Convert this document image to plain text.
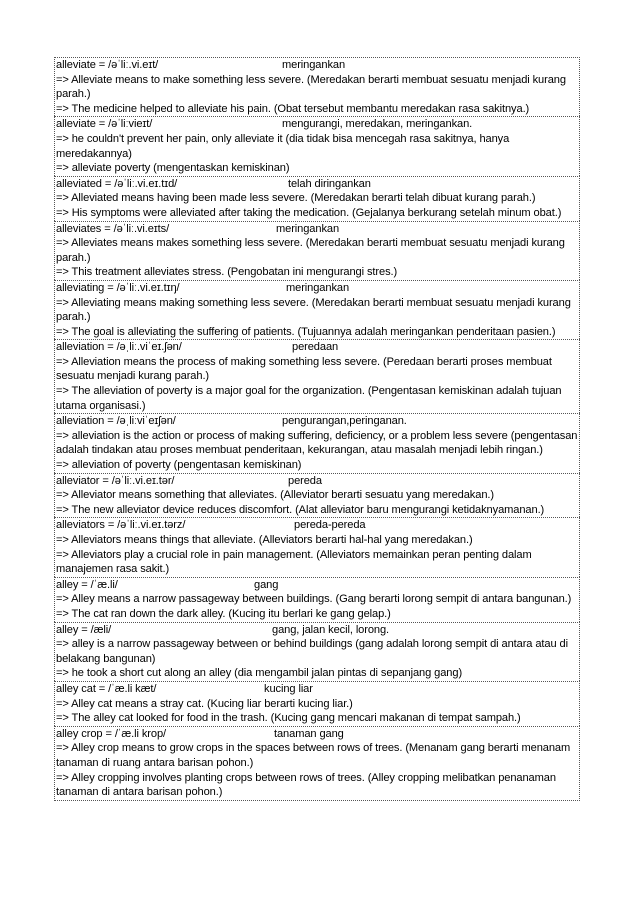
alleviate = /əˈliː.vi.eɪt/	meringankan
=> Alleviate means to make something less severe. (Meredakan berarti membuat sesuatu menjadi kurang parah.)
=> The medicine helped to alleviate his pain. (Obat tersebut membantu meredakan rasa sakitnya.)
alleviate = /əˈliːvieɪt/	mengurangi, meredakan, meringankan.
=> he couldn't prevent her pain, only alleviate it (dia tidak bisa mencegah rasa sakitnya, hanya meredakannya)
=> alleviate poverty (mengentaskan kemiskinan)
alleviated = /əˈliː.vi.eɪ.tɪd/	telah diringankan
=> Alleviated means having been made less severe. (Meredakan berarti telah dibuat kurang parah.)
=> His symptoms were alleviated after taking the medication. (Gejalanya berkurang setelah minum obat.)
alleviates = /əˈliː.vi.eɪts/	meringankan
=> Alleviates means makes something less severe. (Meredakan berarti membuat sesuatu menjadi kurang parah.)
=> This treatment alleviates stress. (Pengobatan ini mengurangi stres.)
alleviating = /əˈliː.vi.eɪ.tɪŋ/	meringankan
=> Alleviating means making something less severe. (Meredakan berarti membuat sesuatu menjadi kurang parah.)
=> The goal is alleviating the suffering of patients. (Tujuannya adalah meringankan penderitaan pasien.)
alleviation = /əˌliː.viˈeɪ.ʃən/	peredaan
=> Alleviation means the process of making something less severe. (Peredaan berarti proses membuat sesuatu menjadi kurang parah.)
=> The alleviation of poverty is a major goal for the organization. (Pengentasan kemiskinan adalah tujuan utama organisasi.)
alleviation = /əˌliːviˈeɪʃən/	pengurangan,peringanan.
=> alleviation is the action or process of making suffering, deficiency, or a problem less severe (pengentasan adalah tindakan atau proses membuat penderitaan, kekurangan, atau masalah menjadi lebih ringan.)
=> alleviation of poverty (pengentasan kemiskinan)
alleviator = /əˈliː.vi.eɪ.tər/	pereda
=> Alleviator means something that alleviates. (Alleviator berarti sesuatu yang meredakan.)
=> The new alleviator device reduces discomfort. (Alat alleviator baru mengurangi ketidaknyamanan.)
alleviators = /əˈliː.vi.eɪ.tərz/	pereda-pereda
=> Alleviators means things that alleviate. (Alleviators berarti hal-hal yang meredakan.)
=> Alleviators play a crucial role in pain management. (Alleviators memainkan peran penting dalam manajemen rasa sakit.)
alley = /ˈæ.li/	gang
=> Alley means a narrow passageway between buildings. (Gang berarti lorong sempit di antara bangunan.)
=> The cat ran down the dark alley. (Kucing itu berlari ke gang gelap.)
alley = /æli/	gang, jalan kecil, lorong.
=> alley is a narrow passageway between or behind buildings (gang adalah lorong sempit di antara atau di belakang bangunan)
=> he took a short cut along an alley (dia mengambil jalan pintas di sepanjang gang)
alley cat = /ˈæ.li kæt/	kucing liar
=> Alley cat means a stray cat. (Kucing liar berarti kucing liar.)
=> The alley cat looked for food in the trash. (Kucing gang mencari makanan di tempat sampah.)
alley crop = /ˈæ.li krop/	tanaman gang
=> Alley crop means to grow crops in the spaces between rows of trees. (Menanam gang berarti menanam tanaman di ruang antara barisan pohon.)
=> Alley cropping involves planting crops between rows of trees. (Alley cropping melibatkan penanaman tanaman di antara barisan pohon.)
